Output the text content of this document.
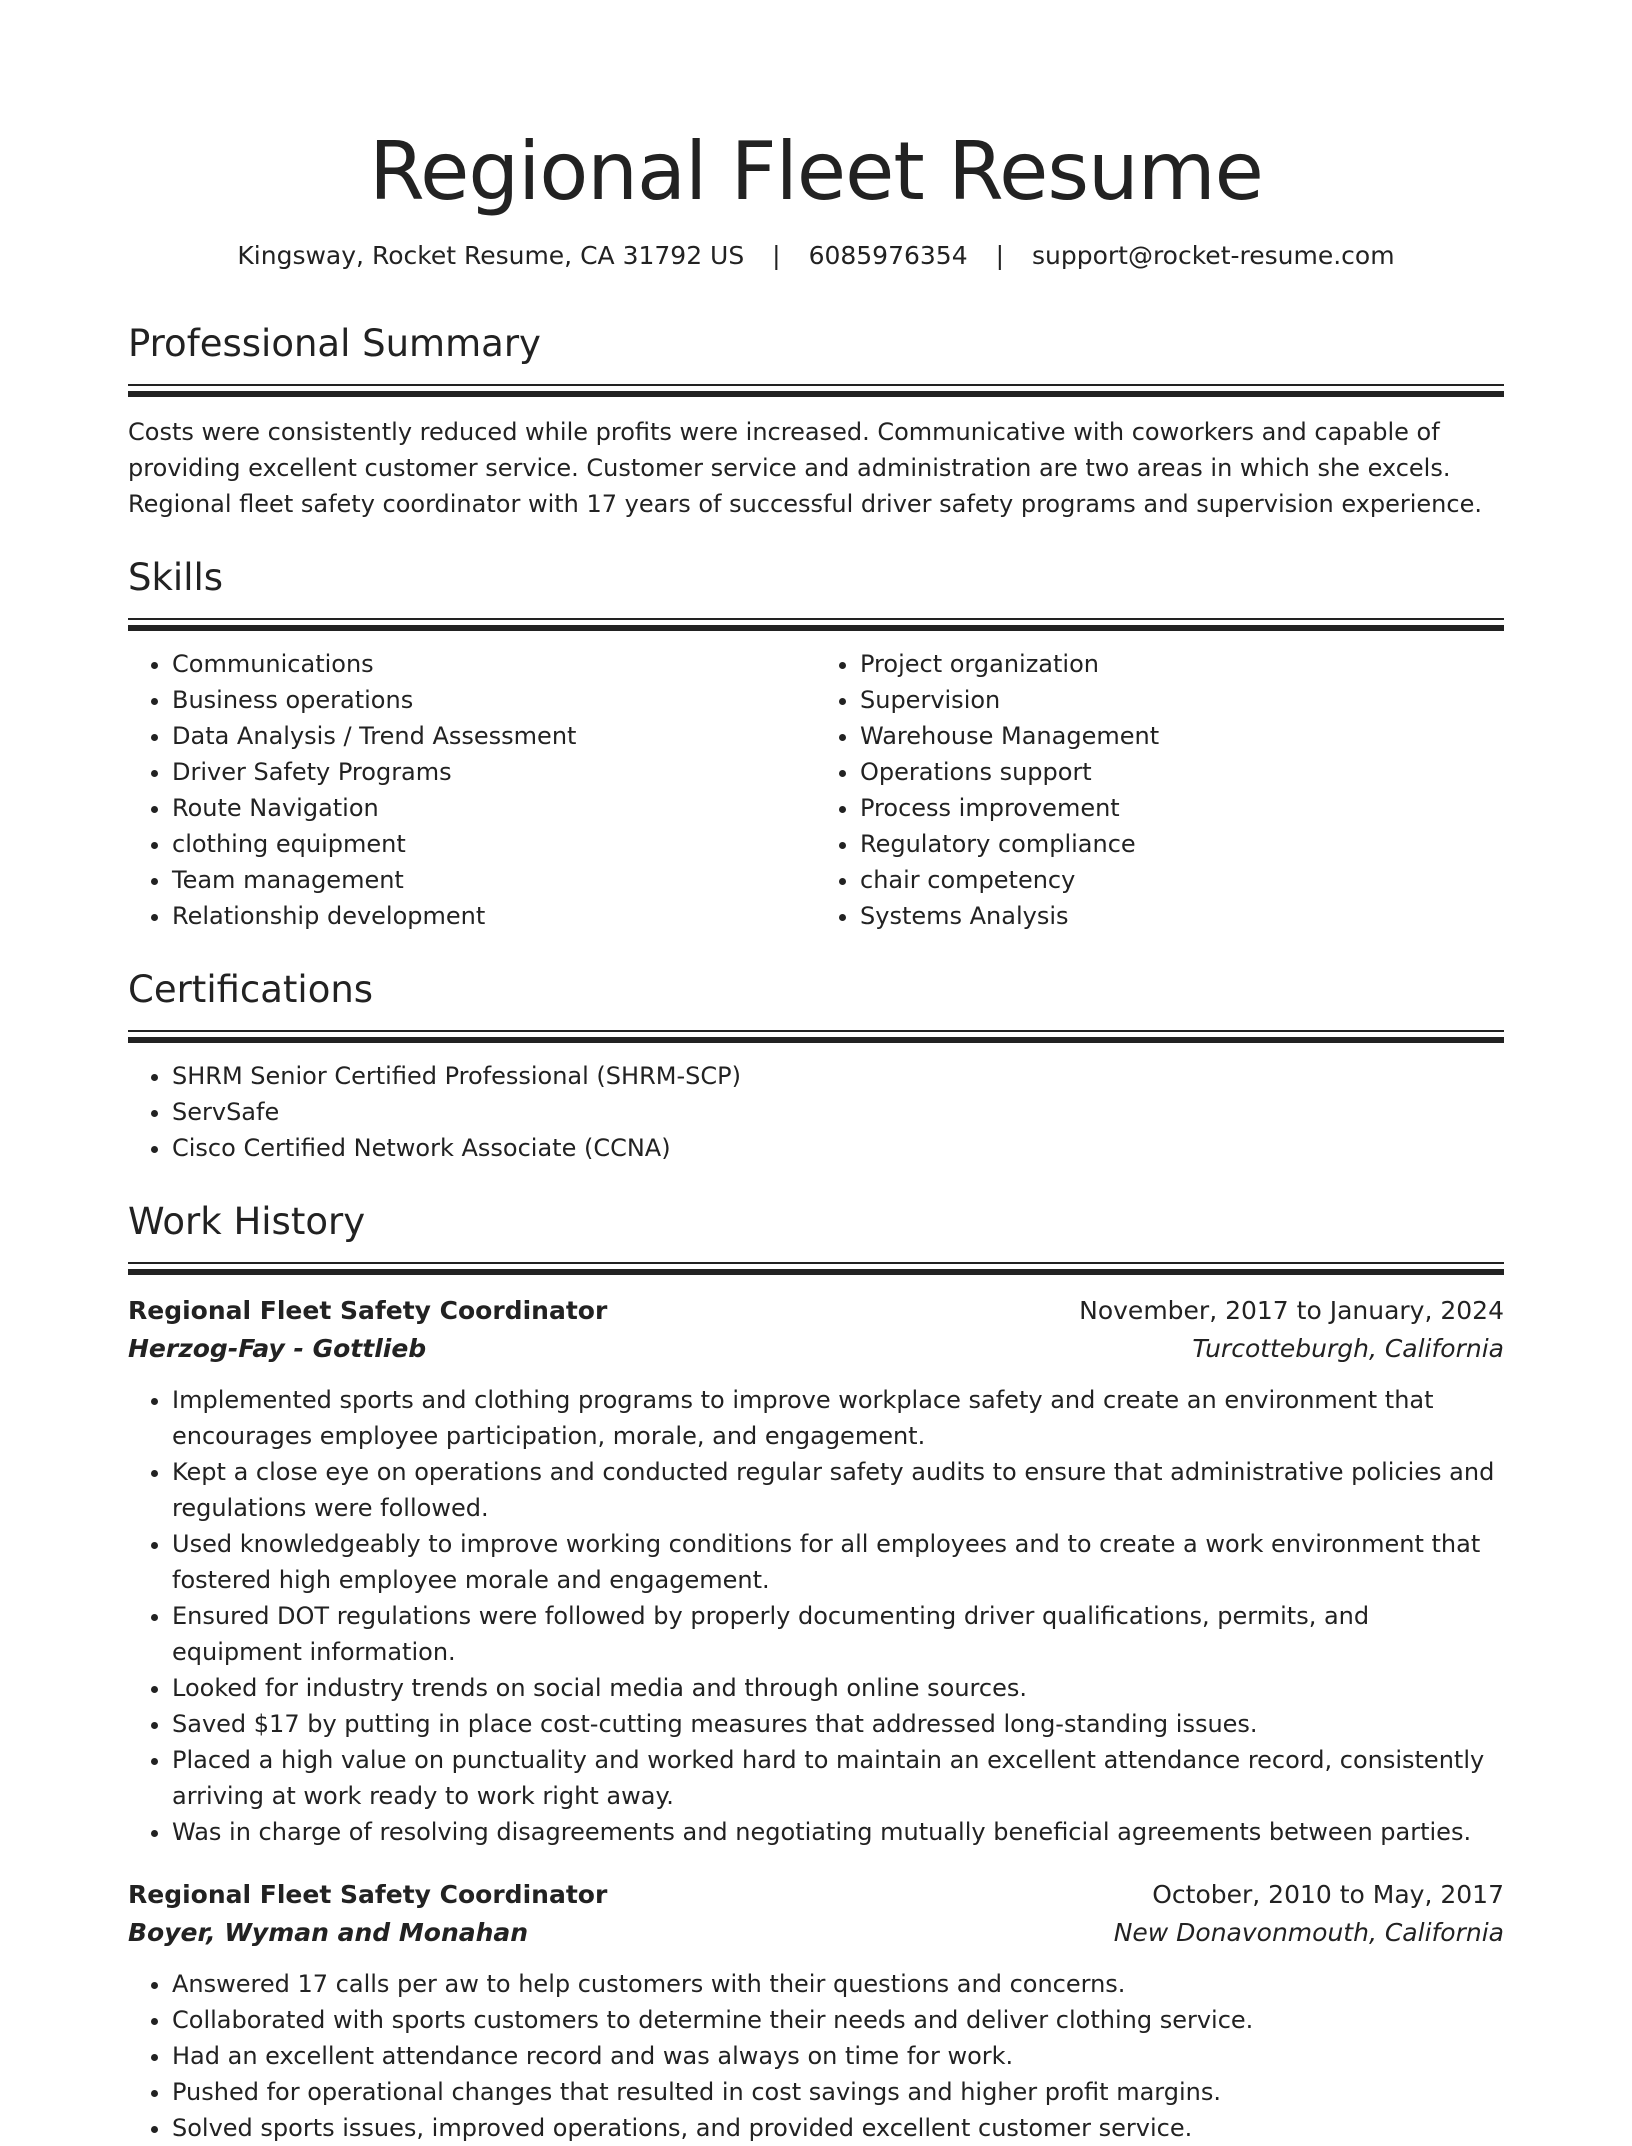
Regional Fleet Resume
Kingsway, Rocket Resume, CA 31792 US | 6085976354 | support@rocket-resume.com
Professional Summary

Costs were consistently reduced while profits were increased. Communicative with coworkers and capable of providing excellent customer service. Customer service and administration are two areas in which she excels. Regional fleet safety coordinator with 17 years of successful driver safety programs and supervision experience.

Skills
• Communications
• Business operations
• Data Analysis / Trend Assessment
• Driver Safety Programs
• Route Navigation
• clothing equipment
• Team management
• Relationship development
• Project organization
• Supervision
• Warehouse Management
• Operations support
• Process improvement
• Regulatory compliance
• chair competency
• Systems Analysis
Certifications
• SHRM Senior Certified Professional (SHRM-SCP)
• ServSafe
• Cisco Certified Network Associate (CCNA)
Work History
Regional Fleet Safety Coordinator	November, 2017 to January, 2024
Herzog-Fay - Gottlieb	Turcotteburgh, California
• Implemented sports and clothing programs to improve workplace safety and create an environment that encourages employee participation, morale, and engagement.
• Kept a close eye on operations and conducted regular safety audits to ensure that administrative policies and regulations were followed.
• Used knowledgeably to improve working conditions for all employees and to create a work environment that fostered high employee morale and engagement.
• Ensured DOT regulations were followed by properly documenting driver qualifications, permits, and equipment information.
• Looked for industry trends on social media and through online sources.
• Saved $17 by putting in place cost-cutting measures that addressed long-standing issues.
• Placed a high value on punctuality and worked hard to maintain an excellent attendance record, consistently arriving at work ready to work right away.
• Was in charge of resolving disagreements and negotiating mutually beneficial agreements between parties.
Regional Fleet Safety Coordinator	October, 2010 to May, 2017
Boyer, Wyman and Monahan	New Donavonmouth, California
• Answered 17 calls per aw to help customers with their questions and concerns.
• Collaborated with sports customers to determine their needs and deliver clothing service.
• Had an excellent attendance record and was always on time for work.
• Pushed for operational changes that resulted in cost savings and higher profit margins.
• Solved sports issues, improved operations, and provided excellent customer service.
